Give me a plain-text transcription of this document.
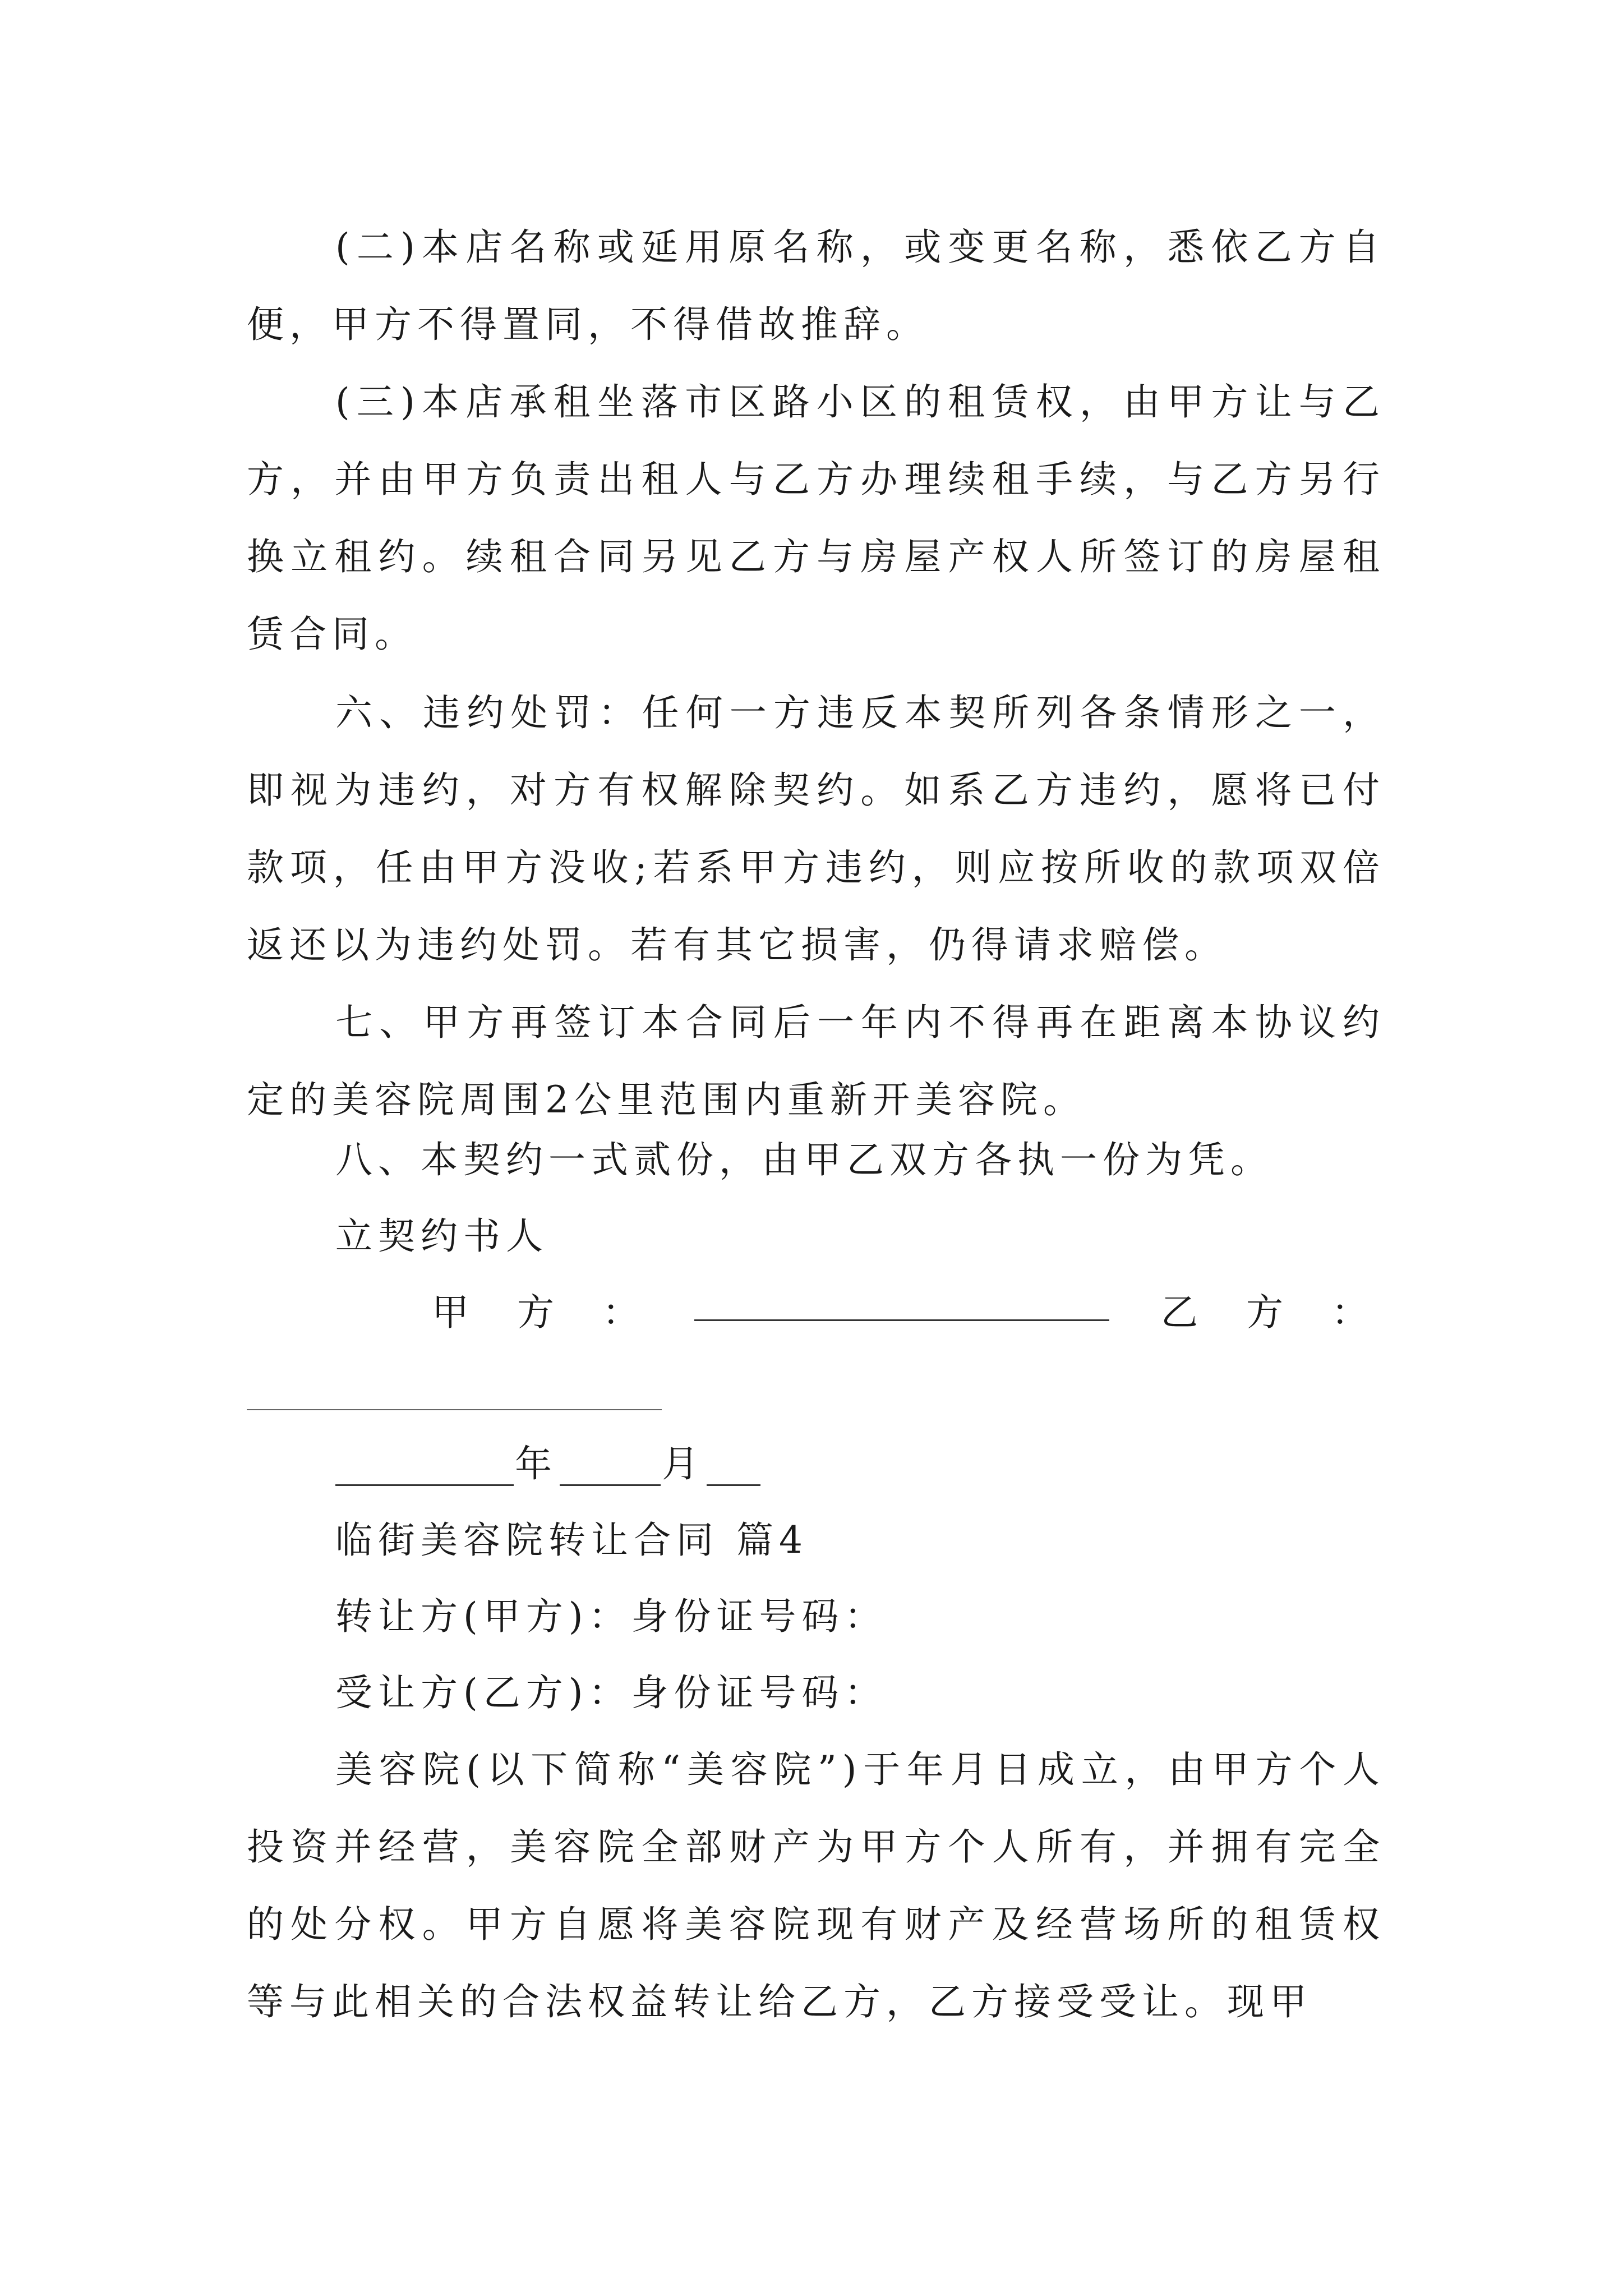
(二)本店名称或延用原名称，或变更名称，悉依乙方自便，甲方不得置同，不得借故推辞。

(三)本店承租坐落市区路小区的租赁权，由甲方让与乙方，并由甲方负责出租人与乙方办理续租手续，与乙方另行换立租约。续租合同另见乙方与房屋产权人所签订的房屋租赁合同。

六、违约处罚：任何一方违反本契所列各条情形之一，即视为违约，对方有权解除契约。如系乙方违约，愿将已付款项，任由甲方没收;若系甲方违约，则应按所收的款项双倍返还以为违约处罚。若有其它损害，仍得请求赔偿。

七、甲方再签订本合同后一年内不得再在距离本协议约定的美容院周围2公里范围内重新开美容院。

八、本契约一式贰份，由甲乙双方各执一份为凭。

立契约书人

甲　方　：	乙　方　：

年	月

临街美容院转让合同 篇4

转让方(甲方)：身份证号码：

受让方(乙方)：身份证号码：

美容院(以下简称“美容院”)于年月日成立，由甲方个人投资并经营，美容院全部财产为甲方个人所有，并拥有完全的处分权。甲方自愿将美容院现有财产及经营场所的租赁权等与此相关的合法权益转让给乙方，乙方接受受让。现甲
